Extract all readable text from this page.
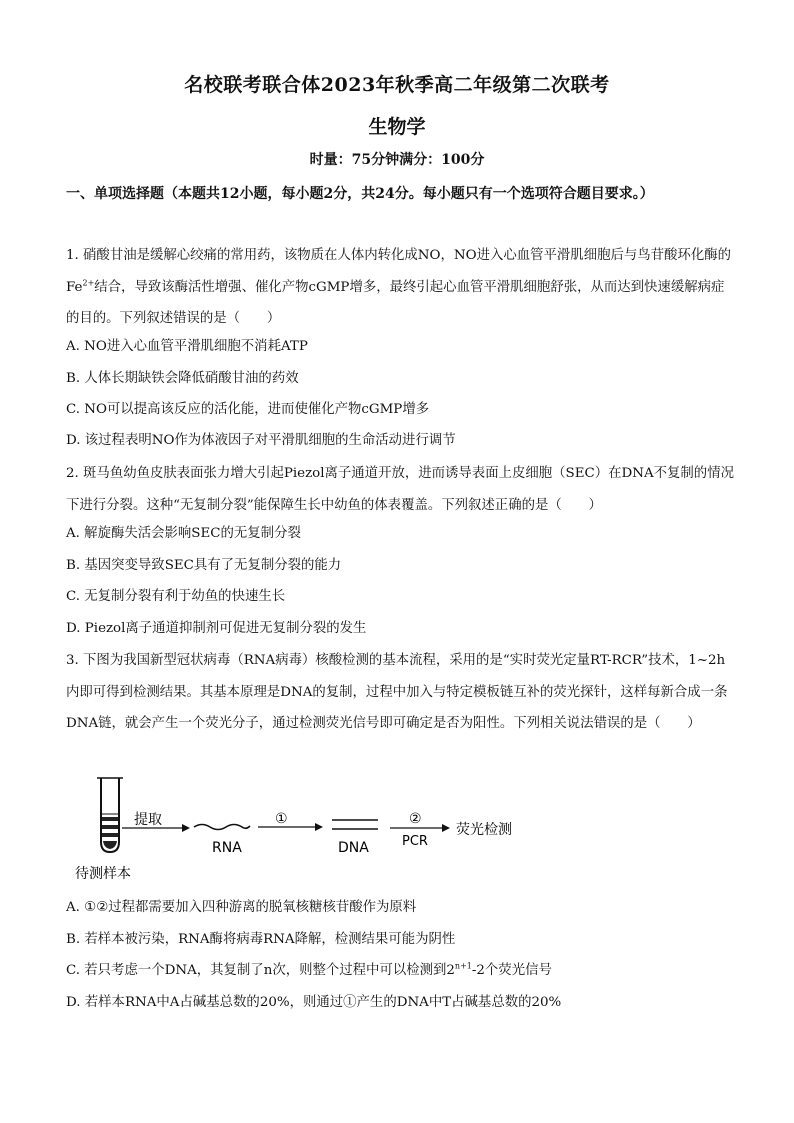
名校联考联合体2023年秋季高二年级第二次联考
生物学
时量：75分钟满分：100分
一、单项选择题（本题共12小题，每小题2分，共24分。每小题只有一个选项符合题目要求。）

1. 硝酸甘油是缓解心绞痛的常用药，该物质在人体内转化成NO，NO进入心血管平滑肌细胞后与鸟苷酸环化酶的$Fe^{2+}$结合，导致该酶活性增强、催化产物cGMP增多，最终引起心血管平滑肌细胞舒张，从而达到快速缓解病症的目的。下列叙述错误的是（　　）

A. NO进入心血管平滑肌细胞不消耗ATP
B. 人体长期缺铁会降低硝酸甘油的药效
C. NO可以提高该反应的活化能，进而使催化产物cGMP增多
D. 该过程表明NO作为体液因子对平滑肌细胞的生命活动进行调节

2. 斑马鱼幼鱼皮肤表面张力增大引起Piezol离子通道开放，进而诱导表面上皮细胞（SEC）在DNA不复制的情况下进行分裂。这种“无复制分裂”能保障生长中幼鱼的体表覆盖。下列叙述正确的是（　　）

A. 解旋酶失活会影响SEC的无复制分裂
B. 基因突变导致SEC具有了无复制分裂的能力
C. 无复制分裂有利于幼鱼的快速生长
D. Piezol离子通道抑制剂可促进无复制分裂的发生

3. 下图为我国新型冠状病毒（RNA病毒）核酸检测的基本流程，采用的是“实时荧光定量RT-RCR”技术，1~2h内即可得到检测结果。其基本原理是DNA的复制，过程中加入与特定模板链互补的荧光探针，这样每新合成一条DNA链，就会产生一个荧光分子，通过检测荧光信号即可确定是否为阳性。下列相关说法错误的是（　　）

待测样本
提取
RNA
①
DNA
②
PCR
荧光检测
A. ①②过程都需要加入四种游离的脱氧核糖核苷酸作为原料
B. 若样本被污染，RNA酶将病毒RNA降解，检测结果可能为阴性
C. 若只考虑一个DNA，其复制了n次，则整个过程中可以检测到$2^{n+1}-2$个荧光信号
D. 若样本RNA中A占碱基总数的20%，则通过①产生的DNA中T占碱基总数的20%
